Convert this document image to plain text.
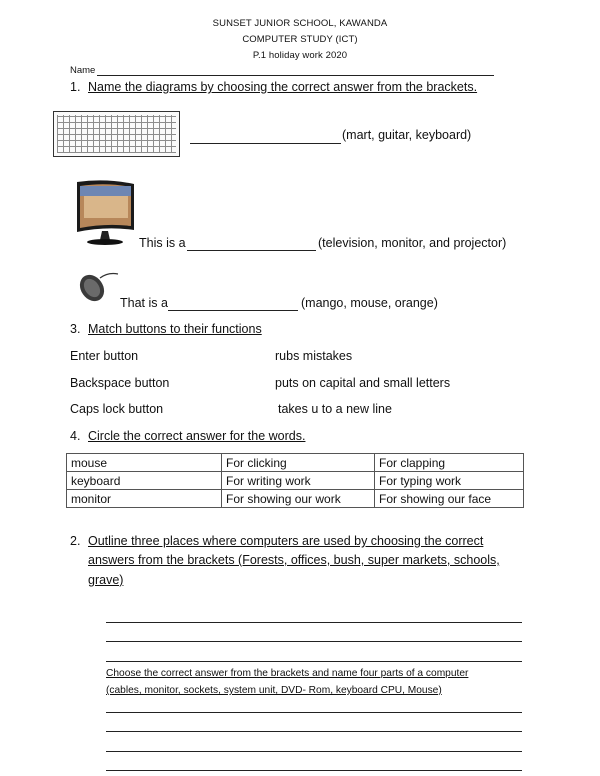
SUNSET JUNIOR SCHOOL, KAWANDA
COMPUTER STUDY (ICT)
P.1 holiday work 2020
Name
1. Name the diagrams by choosing the correct answer from the brackets.
(mart, guitar, keyboard)
This is a	(television, monitor, and projector)
That is a	(mango, mouse, orange)
3. Match buttons to their functions
Enter button	rubs mistakes
Backspace button	puts on capital and small letters
Caps lock button	takes u to a new line
4. Circle the correct answer for the words.
mouse	For clicking	For clapping
keyboard	For writing work	For typing work
monitor	For showing our work	For showing our face
2. Outline three places where computers are used by choosing the correct
answers from the brackets (Forests, offices, bush, super markets, schools,
grave)
Choose the correct answer from the brackets and name four parts of a computer
(cables, monitor, sockets, system unit, DVD- Rom, keyboard CPU, Mouse)
